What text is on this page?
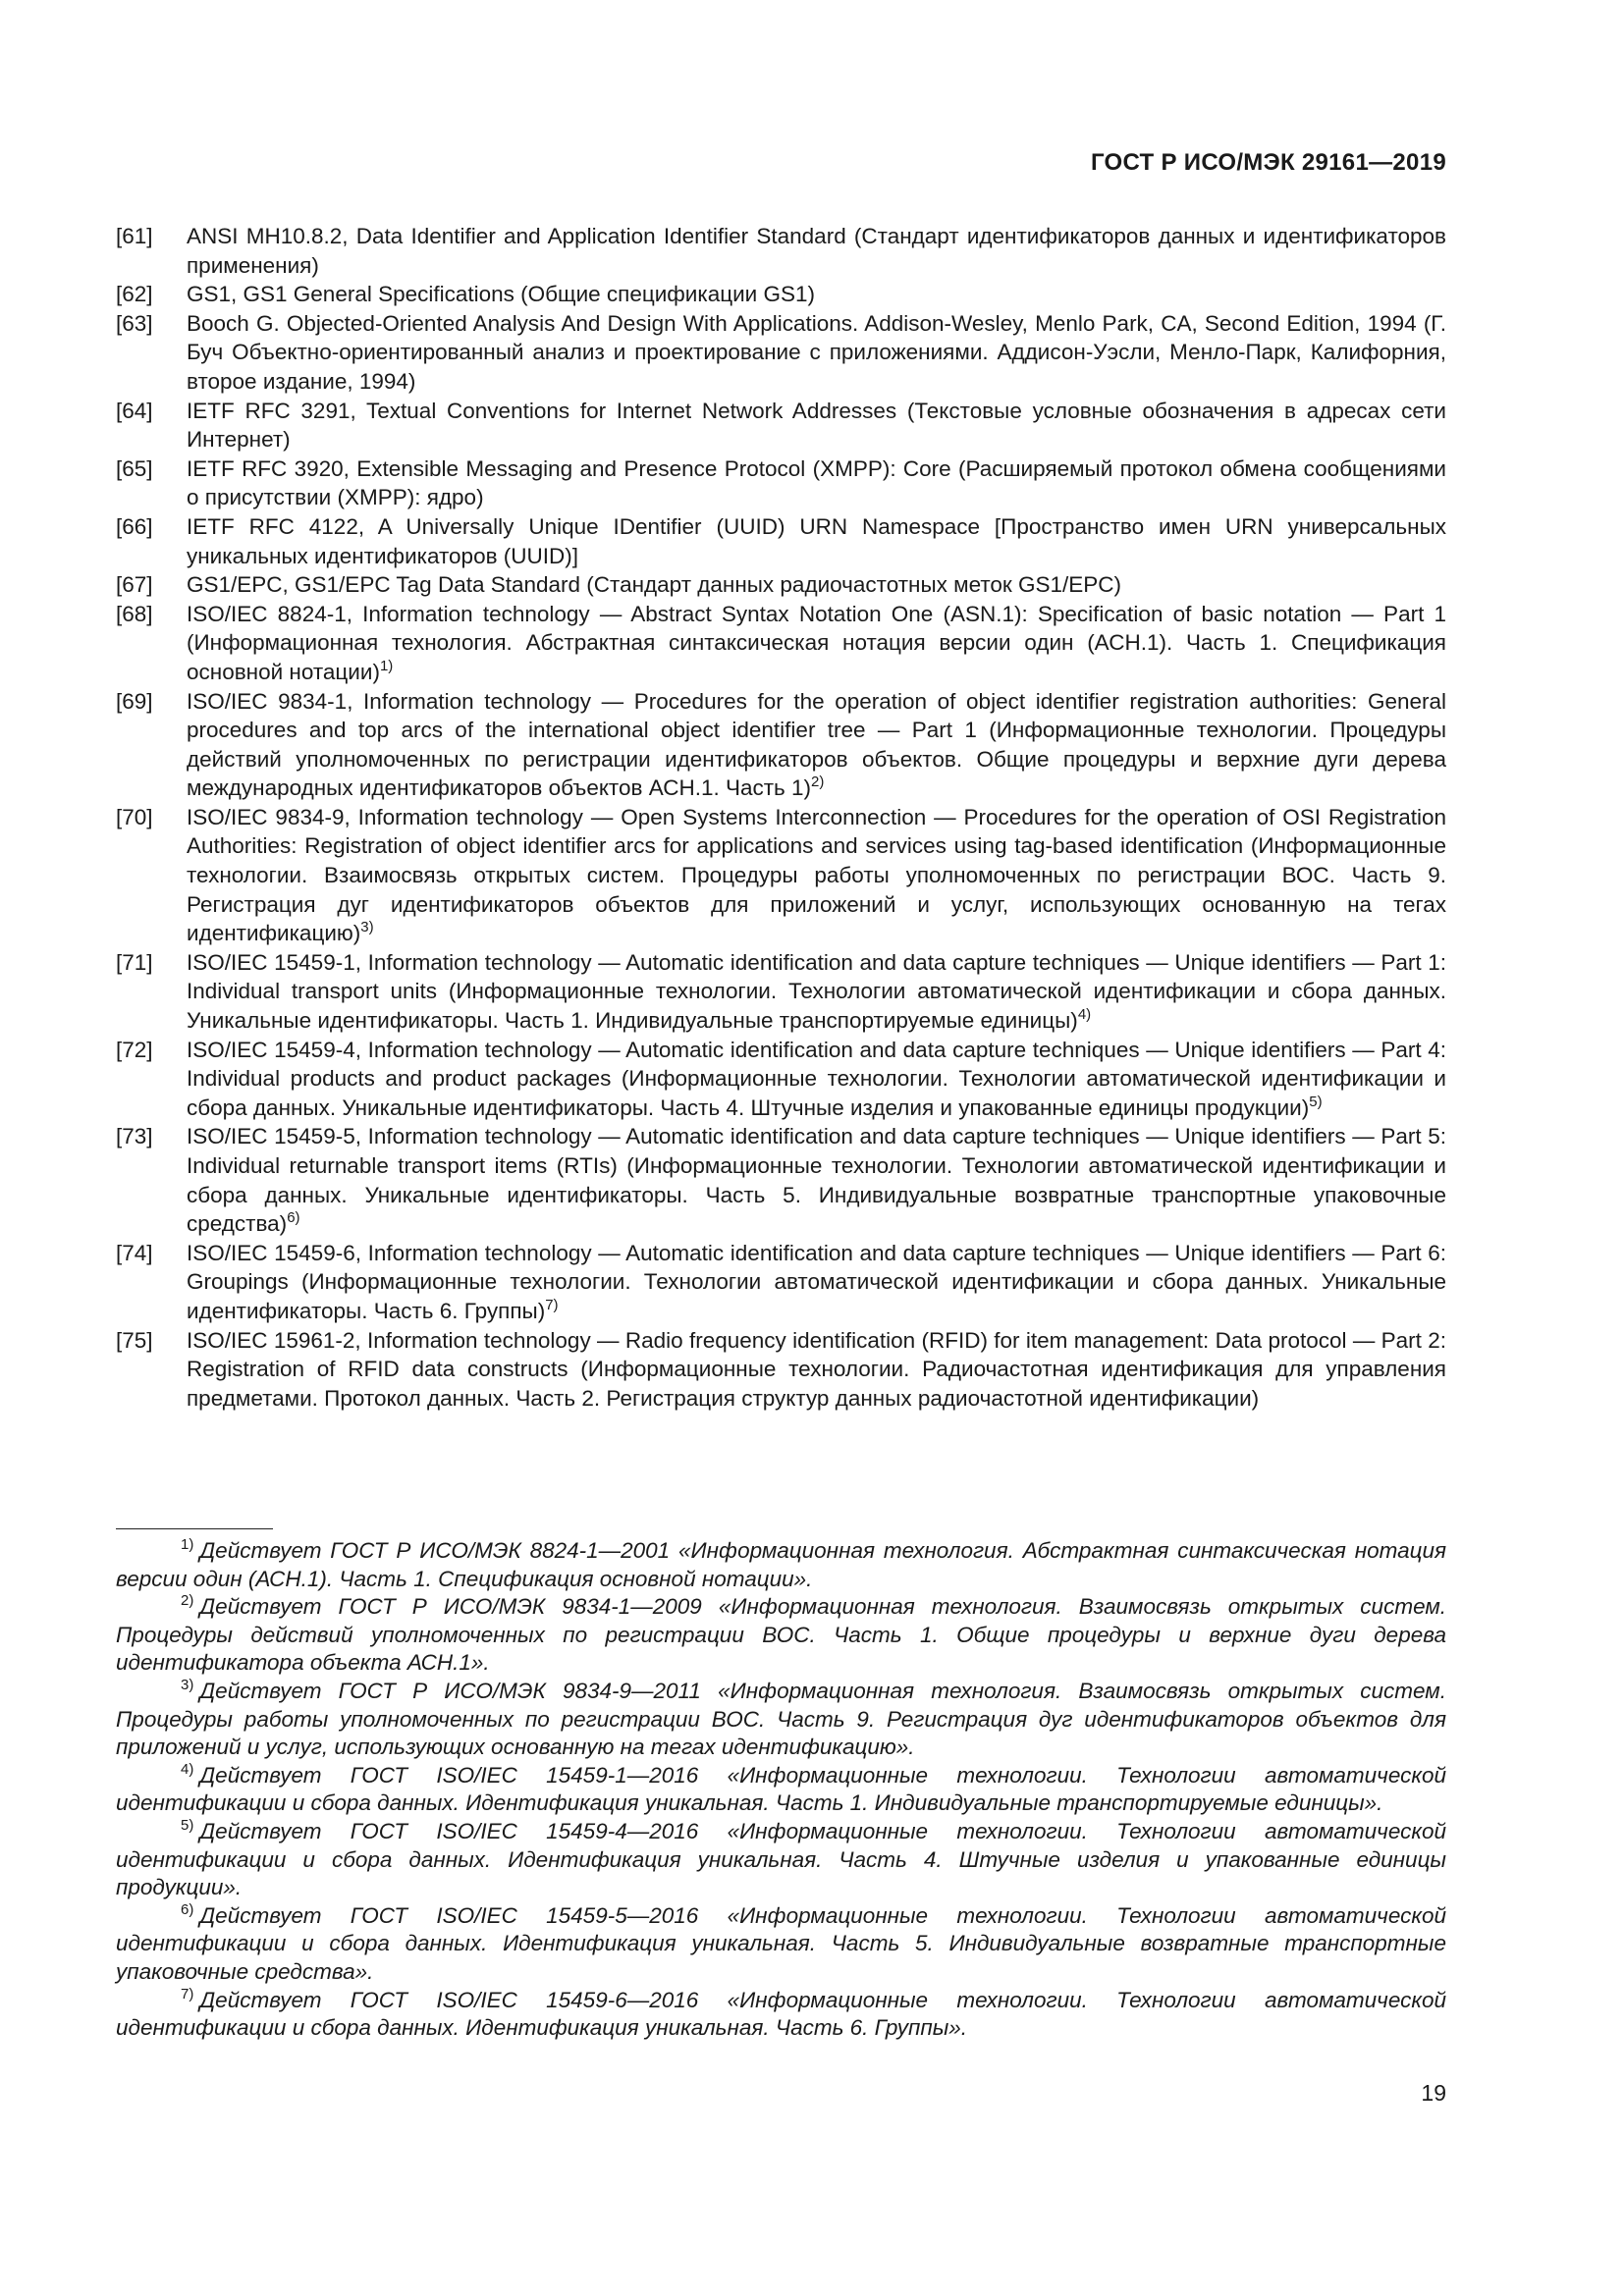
ГОСТ Р ИСО/МЭК 29161—2019
[61]	ANSI MH10.8.2, Data Identifier and Application Identifier Standard (Стандарт идентификаторов данных и идентификаторов применения)
[62]	GS1, GS1 General Specifications (Общие спецификации GS1)
[63]	Booch G. Objected-Oriented Analysis And Design With Applications. Addison-Wesley, Menlo Park, CA, Second Edition, 1994 (Г. Буч Объектно-ориентированный анализ и проектирование с приложениями. Аддисон-Уэсли, Менло-Парк, Калифорния, второе издание, 1994)
[64]	IETF RFC 3291, Textual Conventions for Internet Network Addresses (Текстовые условные обозначения в адресах сети Интернет)
[65]	IETF RFC 3920, Extensible Messaging and Presence Protocol (XMPP): Core (Расширяемый протокол обмена сообщениями о присутствии (XMPP): ядро)
[66]	IETF RFC 4122, A Universally Unique IDentifier (UUID) URN Namespace [Пространство имен URN универсальных уникальных идентификаторов (UUID)]
[67]	GS1/EPC, GS1/EPC Tag Data Standard (Стандарт данных радиочастотных меток GS1/EPC)
[68]	ISO/IEC 8824-1, Information technology — Abstract Syntax Notation One (ASN.1): Specification of basic notation — Part 1 (Информационная технология. Абстрактная синтаксическая нотация версии один (АСН.1). Часть 1. Спецификация основной нотации)$^{1)}$
[69]	ISO/IEC 9834-1, Information technology — Procedures for the operation of object identifier registration authorities: General procedures and top arcs of the international object identifier tree — Part 1 (Информационные технологии. Процедуры действий уполномоченных по регистрации идентификаторов объектов. Общие процедуры и верхние дуги дерева международных идентификаторов объектов АСН.1. Часть 1)$^{2)}$
[70]	ISO/IEC 9834-9, Information technology — Open Systems Interconnection — Procedures for the operation of OSI Registration Authorities: Registration of object identifier arcs for applications and services using tag-based identification (Информационные технологии. Взаимосвязь открытых систем. Процедуры работы уполномоченных по регистрации ВОС. Часть 9. Регистрация дуг идентификаторов объектов для приложений и услуг, использующих основанную на тегах идентификацию)$^{3)}$
[71]	ISO/IEC 15459-1, Information technology — Automatic identification and data capture techniques — Unique identifiers — Part 1: Individual transport units (Информационные технологии. Технологии автоматической идентификации и сбора данных. Уникальные идентификаторы. Часть 1. Индивидуальные транспортируемые единицы)$^{4)}$
[72]	ISO/IEC 15459-4, Information technology — Automatic identification and data capture techniques — Unique identifiers — Part 4: Individual products and product packages (Информационные технологии. Технологии автоматической идентификации и сбора данных. Уникальные идентификаторы. Часть 4. Штучные изделия и упакованные единицы продукции)$^{5)}$
[73]	ISO/IEC 15459-5, Information technology — Automatic identification and data capture techniques — Unique identifiers — Part 5: Individual returnable transport items (RTIs) (Информационные технологии. Технологии автоматической идентификации и сбора данных. Уникальные идентификаторы. Часть 5. Индивидуальные возвратные транспортные упаковочные средства)$^{6)}$
[74]	ISO/IEC 15459-6, Information technology — Automatic identification and data capture techniques — Unique identifiers — Part 6: Groupings (Информационные технологии. Технологии автоматической идентификации и сбора данных. Уникальные идентификаторы. Часть 6. Группы)$^{7)}$
[75]	ISO/IEC 15961-2, Information technology — Radio frequency identification (RFID) for item management: Data protocol — Part 2: Registration of RFID data constructs (Информационные технологии. Радиочастотная идентификация для управления предметами. Протокол данных. Часть 2. Регистрация структур данных радиочастотной идентификации)
$^{1)}$ Действует ГОСТ Р ИСО/МЭК 8824-1—2001 «Информационная технология. Абстрактная синтаксическая нотация версии один (АСН.1). Часть 1. Спецификация основной нотации».
$^{2)}$ Действует ГОСТ Р ИСО/МЭК 9834-1—2009 «Информационная технология. Взаимосвязь открытых систем. Процедуры действий уполномоченных по регистрации ВОС. Часть 1. Общие процедуры и верхние дуги дерева идентификатора объекта АСН.1».
$^{3)}$ Действует ГОСТ Р ИСО/МЭК 9834-9—2011 «Информационная технология. Взаимосвязь открытых систем. Процедуры работы уполномоченных по регистрации ВОС. Часть 9. Регистрация дуг идентификаторов объектов для приложений и услуг, использующих основанную на тегах идентификацию».
$^{4)}$ Действует ГОСТ ISO/IEC 15459-1—2016 «Информационные технологии. Технологии автоматической идентификации и сбора данных. Идентификация уникальная. Часть 1. Индивидуальные транспортируемые единицы».
$^{5)}$ Действует ГОСТ ISO/IEC 15459-4—2016 «Информационные технологии. Технологии автоматической идентификации и сбора данных. Идентификация уникальная. Часть 4. Штучные изделия и упакованные единицы продукции».
$^{6)}$ Действует ГОСТ ISO/IEC 15459-5—2016 «Информационные технологии. Технологии автоматической идентификации и сбора данных. Идентификация уникальная. Часть 5. Индивидуальные возвратные транспортные упаковочные средства».
$^{7)}$ Действует ГОСТ ISO/IEC 15459-6—2016 «Информационные технологии. Технологии автоматической идентификации и сбора данных. Идентификация уникальная. Часть 6. Группы».
19
